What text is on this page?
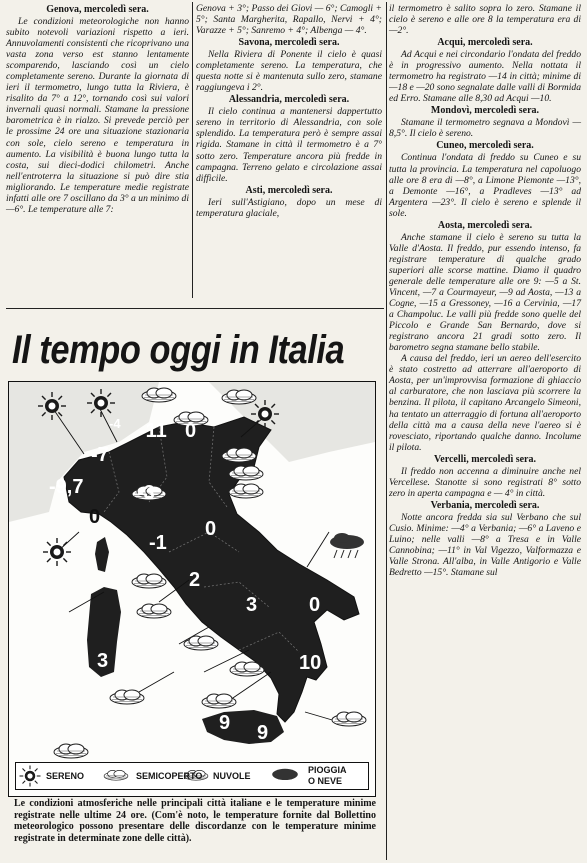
Genova, mercoledì sera.

Le condizioni meteorologiche non hanno subito notevoli variazioni rispetto a ieri. Annuvolamenti consistenti che ricoprivano una vasta zona verso est stanno lentamente scomparendo, lasciando così un cielo completamente sereno. Durante la giornata di ieri il termometro, lungo tutta la Riviera, è risalito da 7° a 12°, tornando così sui valori invernali quasi normali. Stamane la pressione barometrica è in rialzo. Si prevede perciò per le prossime 24 ore una situazione stazionaria con sole, cielo sereno e temperatura in aumento. La visibilità è buona lungo tutta la costa, sui dieci-dodici chilometri. Anche nell'entroterra la situazione si può dire stia migliorando. Le temperature medie registrate infatti alle ore 7 oscillano da 3° a un minimo di —6°. Le temperature alle 7:

Genova + 3°; Passo dei Giovi — 6°; Camogli + 5°; Santa Margherita, Rapallo, Nervi + 4°; Varazze + 5°; Sanremo + 4°; Albenga — 4°.

Savona, mercoledì sera.

Nella Riviera di Ponente il cielo è quasi completamente sereno. La temperatura, che questa notte si è mantenuta sullo zero, stamane raggiungeva i 2°.

Alessandria, mercoledì sera.

Il cielo continua a mantenersi dappertutto sereno in territorio di Alessandria, con sole splendido. La temperatura però è sempre assai rigida. Stamane in città il termometro è a 7° sotto zero. Temperature ancora più fredde in campagna. Terreno gelato e circolazione assai difficile.

Asti, mercoledì sera.

Ieri sull'Astigiano, dopo un mese di temperatura glaciale,

il termometro è salito sopra lo zero. Stamane il cielo è sereno e alle ore 8 la temperatura era di —2°.

Acqui, mercoledì sera.

Ad Acqui e nei circondario l'ondata del freddo è in progressivo aumento. Nella nottata il termometro ha registrato —14 in città; minime di —18 e —20 sono segnalate dalle valli di Bormida ed Erro. Stamane alle 8,30 ad Acqui —10.

Mondovì, mercoledì sera.

Stamane il termometro segnava a Mondovì —8,5°. Il cielo è sereno.

Cuneo, mercoledì sera.

Continua l'ondata di freddo su Cuneo e su tutta la provincia. La temperatura nel capoluogo alle ore 8 era di —8°, a Limone Piemonte —13°, a Demonte —16°, a Pradleves —13° ad Argentera —23°. Il cielo è sereno e splende il sole.

Aosta, mercoledì sera.

Anche stamane il cielo è sereno su tutta la Valle d'Aosta. Il freddo, pur essendo intenso, fa registrare temperature di qualche grado superiori alle scorse mattine. Diamo il quadro generale delle temperature alle ore 9: —5 a St. Vincent, —7 a Courmayeur, —9 ad Aosta, —13 a Cogne, —15 a Gressoney, —16 a Cervinia, —17 a Champoluc. Le valli più fredde sono quelle del Piccolo e Grande San Bernardo, dove si registrano ancora 21 gradi sotto zero. Il barometro segna stamane bello stabile.

A causa del freddo, ieri un aereo dell'esercito è stato costretto ad atterrare all'aeroporto di Aosta, per un'improvvisa formazione di ghiaccio al carburatore, che non lasciava più scorrere la benzina. Il pilota, il capitano Arcangelo Simeoni, ha tentato un atterraggio di fortuna all'aeroporto della città ma a causa della neve l'aereo si è rovesciato, riportando qualche danno. Incolume il pilota.

Vercelli, mercoledì sera.

Il freddo non accenna a diminuire anche nel Vercellese. Stanotte si sono registrati 8° sotto zero in aperta campagna e — 4° in città.

Verbania, mercoledì sera.

Notte ancora fredda sia sul Verbano che sul Cusio. Minime: —4° a Verbania; —6° a Laveno e Luino; nelle valli —8° a Tresa e in Valle Cannobina; —11° in Val Vigezzo, Valformazza e Valle Strona. All'alba, in Valle Antigorio e Valle Bedretto —15°. Stamane sul

Il tempo oggi in Italia
-4 -11 0
-7
-9,7	-3
0
0
-1
2
3	0
3	10
9 9
SERENO	SEMICOPERTO NUVOLE
PIOGGIA
O NEVE
Le condizioni atmosferiche nelle principali città italiane e le temperature minime registrate nelle ultime 24 ore. (Com'è noto, le temperature fornite dal Bollettino meteorologico possono presentare delle discordanze con le temperature minime registrate in determinate zone delle città).
